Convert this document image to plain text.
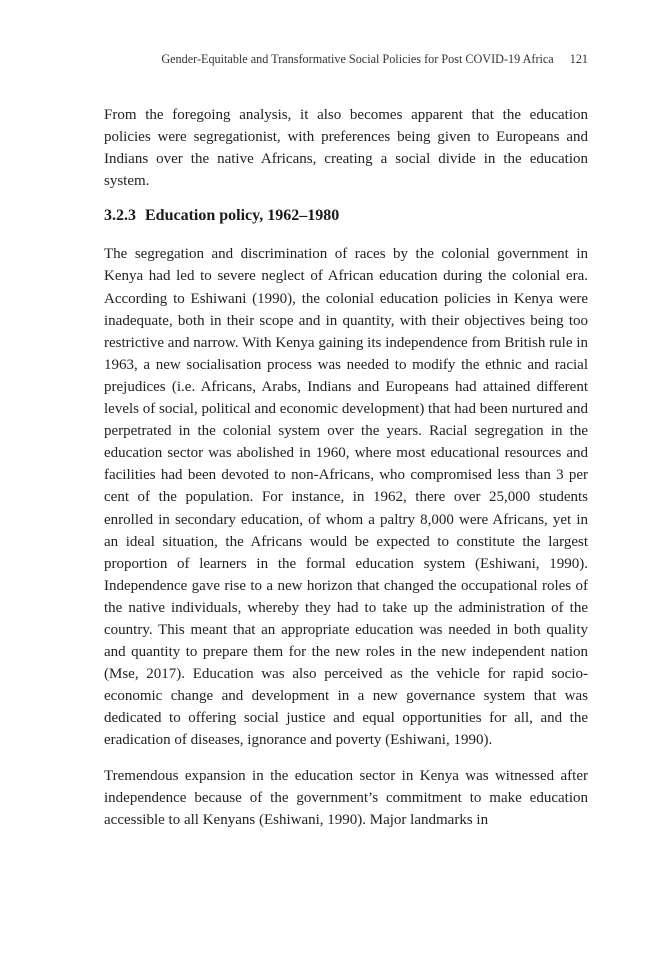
Gender-Equitable and Transformative Social Policies for Post COVID-19 Africa 121

From the foregoing analysis, it also becomes apparent that the education policies were segregationist, with preferences being given to Europeans and Indians over the native Africans, creating a social divide in the education system.

3.2.3 Education policy, 1962–1980

The segregation and discrimination of races by the colonial government in Kenya had led to severe neglect of African education during the colonial era. According to Eshiwani (1990), the colonial education policies in Kenya were inadequate, both in their scope and in quantity, with their objectives being too restrictive and narrow. With Kenya gaining its independence from British rule in 1963, a new socialisation process was needed to modify the ethnic and racial prejudices (i.e. Africans, Arabs, Indians and Europeans had attained different levels of social, political and economic development) that had been nurtured and perpetrated in the colonial system over the years. Racial segregation in the education sector was abolished in 1960, where most educational resources and facilities had been devoted to non-Africans, who compromised less than 3 per cent of the population. For instance, in 1962, there over 25,000 students enrolled in secondary education, of whom a paltry 8,000 were Africans, yet in an ideal situation, the Africans would be expected to constitute the largest proportion of learners in the formal education system (Eshiwani, 1990). Independence gave rise to a new horizon that changed the occupational roles of the native individuals, whereby they had to take up the administration of the country. This meant that an appropriate education was needed in both quality and quantity to prepare them for the new roles in the new independent nation (Mse, 2017). Education was also perceived as the vehicle for rapid socio-economic change and development in a new governance system that was dedicated to offering social justice and equal opportunities for all, and the eradication of diseases, ignorance and poverty (Eshiwani, 1990).

Tremendous expansion in the education sector in Kenya was witnessed after independence because of the government’s commitment to make education accessible to all Kenyans (Eshiwani, 1990). Major landmarks in
